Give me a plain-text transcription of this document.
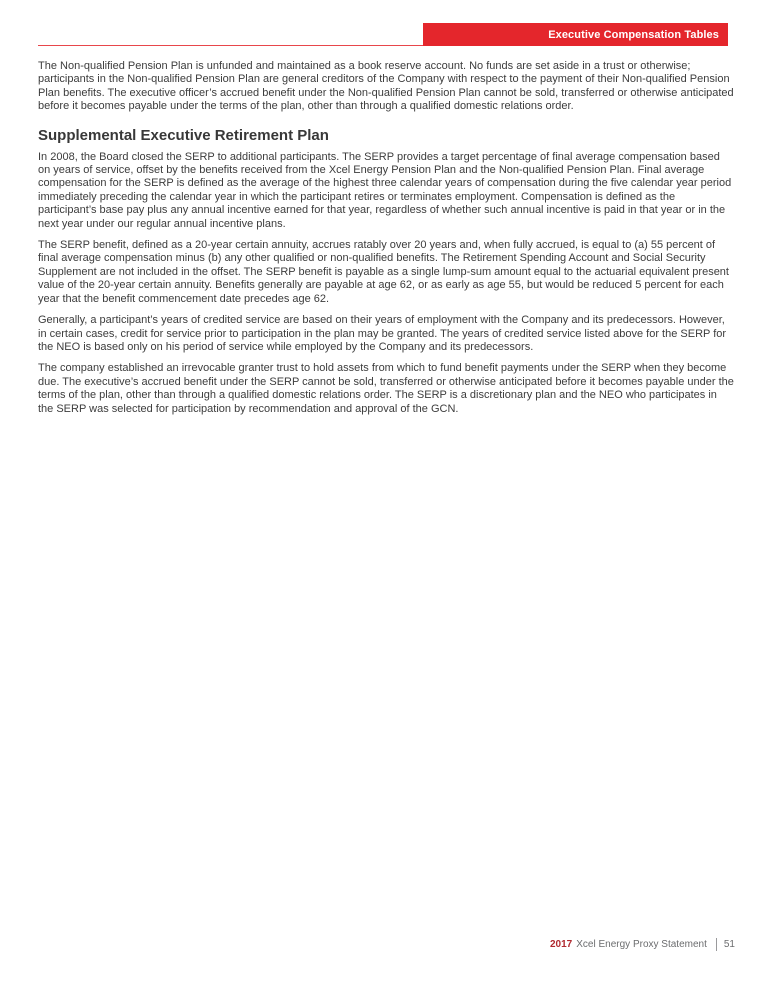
Executive Compensation Tables

The Non-qualified Pension Plan is unfunded and maintained as a book reserve account. No funds are set aside in a trust or otherwise; participants in the Non-qualified Pension Plan are general creditors of the Company with respect to the payment of their Non-qualified Pension Plan benefits. The executive officer’s accrued benefit under the Non-qualified Pension Plan cannot be sold, transferred or otherwise anticipated before it becomes payable under the terms of the plan, other than through a qualified domestic relations order.

Supplemental Executive Retirement Plan

In 2008, the Board closed the SERP to additional participants. The SERP provides a target percentage of final average compensation based on years of service, offset by the benefits received from the Xcel Energy Pension Plan and the Non-qualified Pension Plan. Final average compensation for the SERP is defined as the average of the highest three calendar years of compensation during the five calendar year period immediately preceding the calendar year in which the participant retires or terminates employment. Compensation is defined as the participant’s base pay plus any annual incentive earned for that year, regardless of whether such annual incentive is paid in that year or in the next year under our regular annual incentive plans.

The SERP benefit, defined as a 20-year certain annuity, accrues ratably over 20 years and, when fully accrued, is equal to (a) 55 percent of final average compensation minus (b) any other qualified or non-qualified benefits. The Retirement Spending Account and Social Security Supplement are not included in the offset. The SERP benefit is payable as a single lump-sum amount equal to the actuarial equivalent present value of the 20-year certain annuity. Benefits generally are payable at age 62, or as early as age 55, but would be reduced 5 percent for each year that the benefit commencement date precedes age 62.

Generally, a participant’s years of credited service are based on their years of employment with the Company and its predecessors. However, in certain cases, credit for service prior to participation in the plan may be granted. The years of credited service listed above for the SERP for the NEO is based only on his period of service while employed by the Company and its predecessors.

The company established an irrevocable granter trust to hold assets from which to fund benefit payments under the SERP when they become due. The executive’s accrued benefit under the SERP cannot be sold, transferred or otherwise anticipated before it becomes payable under the terms of the plan, other than through a qualified domestic relations order. The SERP is a discretionary plan and the NEO who participates in the SERP was selected for participation by recommendation and approval of the GCN.

2017 Xcel Energy Proxy Statement 51
